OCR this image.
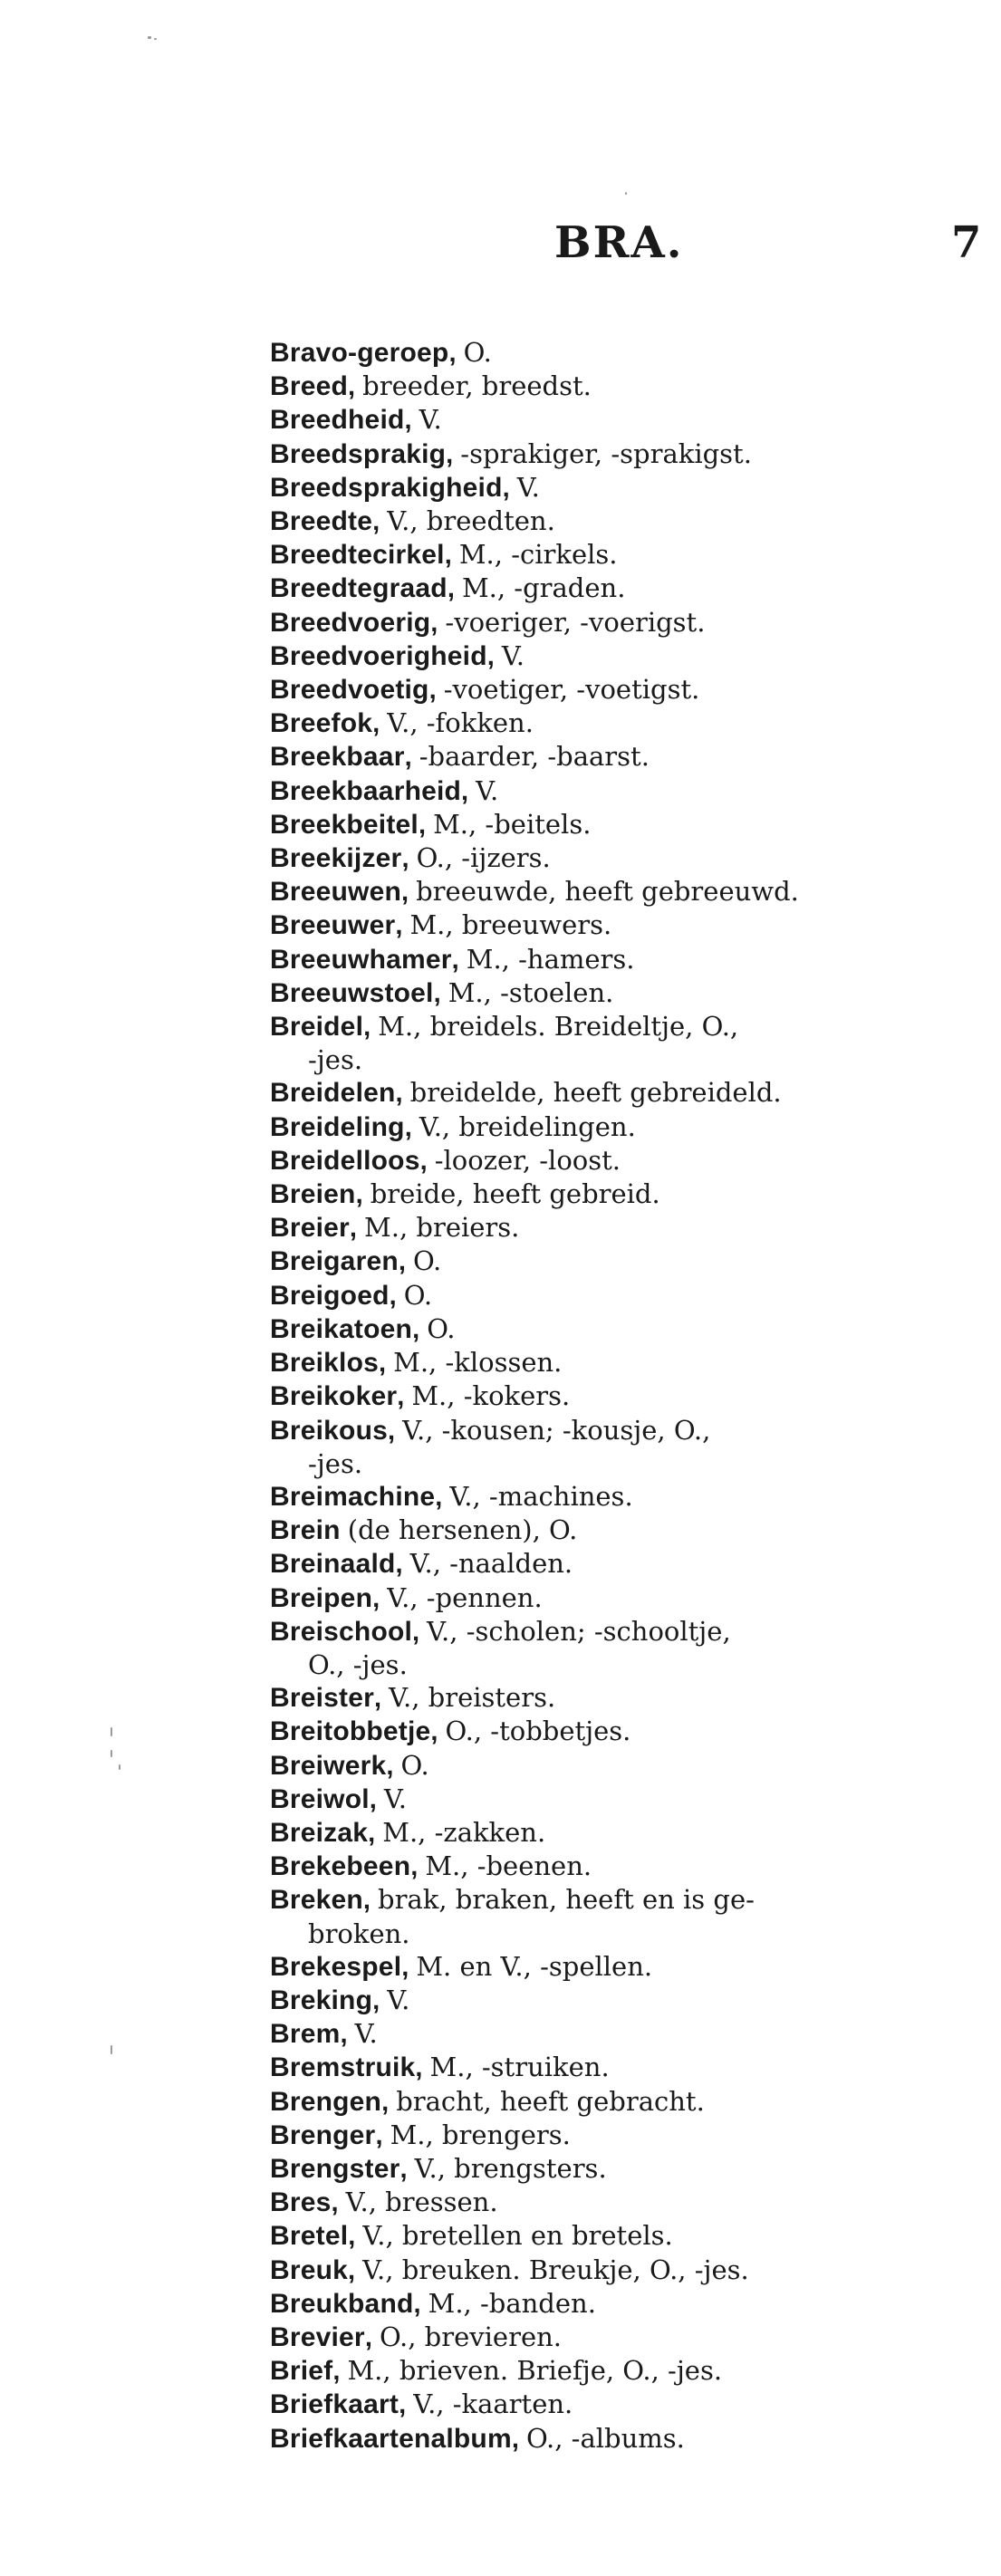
BRA.	7
Bravo-geroep, O.
Breed, breeder, breedst.
Breedheid, V.
Breedsprakig, -sprakiger, -sprakigst.
Breedsprakigheid, V.
Breedte, V., breedten.
Breedtecirkel, M., -cirkels.
Breedtegraad, M., -graden.
Breedvoerig, -voeriger, -voerigst.
Breedvoerigheid, V.
Breedvoetig, -voetiger, -voetigst.
Breefok, V., -fokken.
Breekbaar, -baarder, -baarst.
Breekbaarheid, V.
Breekbeitel, M., -beitels.
Breekijzer, O., -ijzers.
Breeuwen, breeuwde, heeft gebreeuwd.
Breeuwer, M., breeuwers.
Breeuwhamer, M., -hamers.
Breeuwstoel, M., -stoelen.
Breidel, M., breidels. Breideltje, O.,
-jes.
Breidelen, breidelde, heeft gebreideld.
Breideling, V., breidelingen.
Breidelloos, -loozer, -loost.
Breien, breide, heeft gebreid.
Breier, M., breiers.
Breigaren, O.
Breigoed, O.
Breikatoen, O.
Breiklos, M., -klossen.
Breikoker, M., -kokers.
Breikous, V., -kousen; -kousje, O.,
-jes.
Breimachine, V., -machines.
Brein (de hersenen), O.
Breinaald, V., -naalden.
Breipen, V., -pennen.
Breischool, V., -scholen; -schooltje,
O., -jes.
Breister, V., breisters.
Breitobbetje, O., -tobbetjes.
Breiwerk, O.
Breiwol, V.
Breizak, M., -zakken.
Brekebeen, M., -beenen.
Breken, brak, braken, heeft en is ge-
broken.
Brekespel, M. en V., -spellen.
Breking, V.
Brem, V.
Bremstruik, M., -struiken.
Brengen, bracht, heeft gebracht.
Brenger, M., brengers.
Brengster, V., brengsters.
Bres, V., bressen.
Bretel, V., bretellen en bretels.
Breuk, V., breuken. Breukje, O., -jes.
Breukband, M., -banden.
Brevier, O., brevieren.
Brief, M., brieven. Briefje, O., -jes.
Briefkaart, V., -kaarten.
Briefkaartenalbum, O., -albums.
